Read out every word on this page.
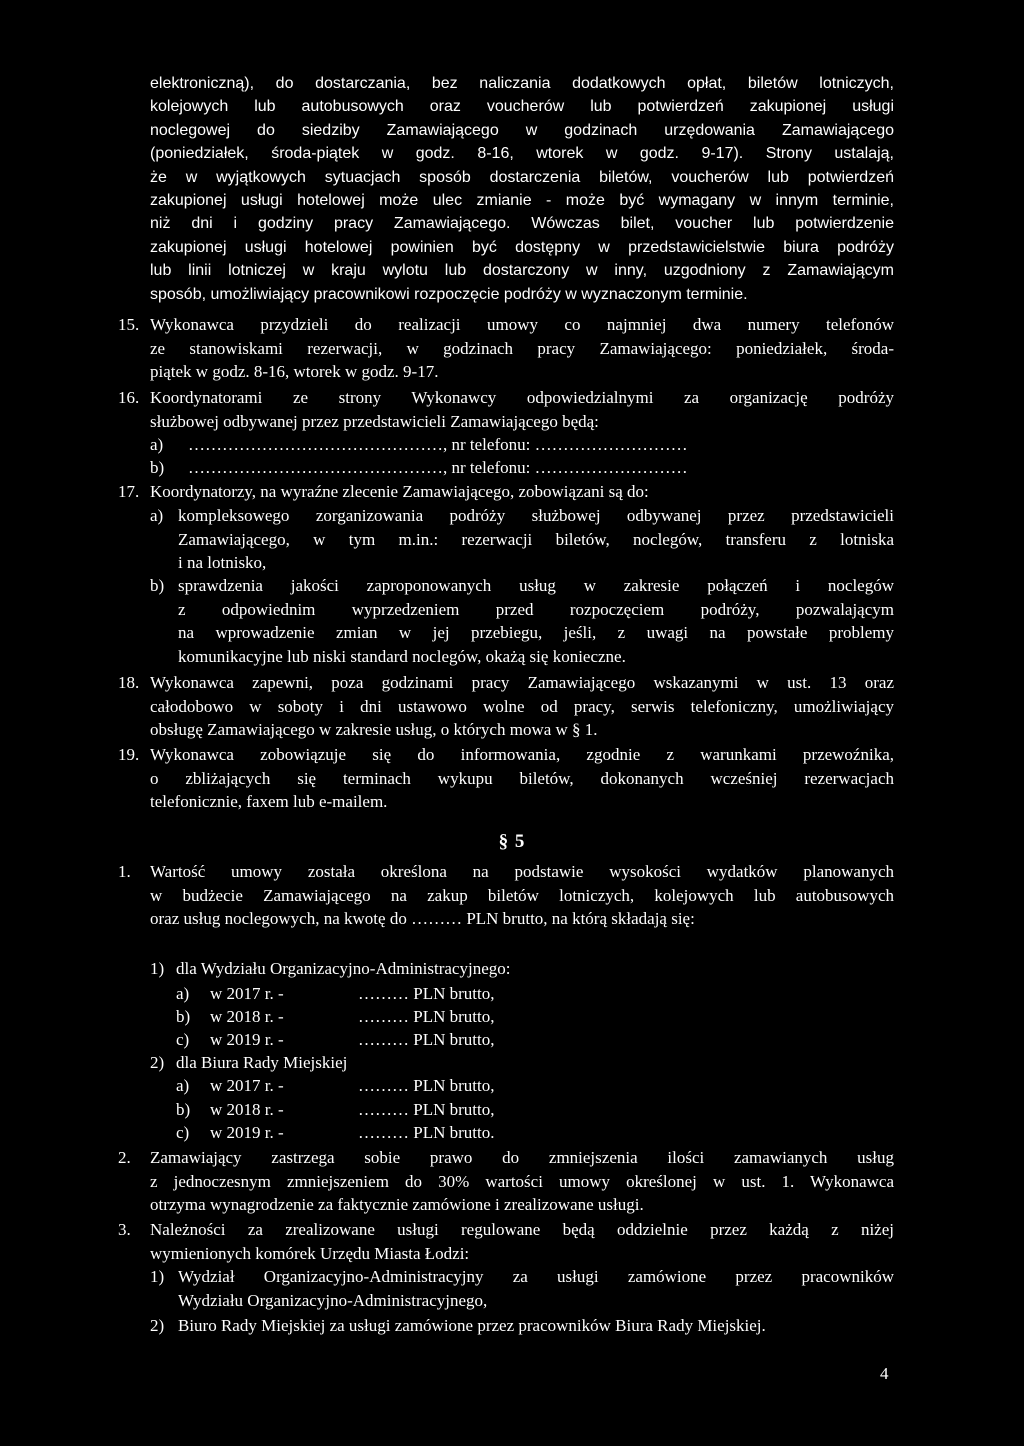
elektroniczną), do dostarczania, bez naliczania dodatkowych opłat, biletów lotniczych,
kolejowych lub autobusowych oraz voucherów lub potwierdzeń zakupionej usługi
noclegowej do siedziby Zamawiającego w godzinach urzędowania Zamawiającego
(poniedziałek, środa-piątek w godz. 8-16, wtorek w godz. 9-17). Strony ustalają,
że w wyjątkowych sytuacjach sposób dostarczenia biletów, voucherów lub potwierdzeń
zakupionej usługi hotelowej może ulec zmianie - może być wymagany w innym terminie,
niż dni i godziny pracy Zamawiającego. Wówczas bilet, voucher lub potwierdzenie
zakupionej usługi hotelowej powinien być dostępny w przedstawicielstwie biura podróży
lub linii lotniczej w kraju wylotu lub dostarczony w inny, uzgodniony z Zamawiającym
sposób, umożliwiający pracownikowi rozpoczęcie podróży w wyznaczonym terminie.
15. Wykonawca przydzieli do realizacji umowy co najmniej dwa numery telefonów
ze stanowiskami rezerwacji, w godzinach pracy Zamawiającego: poniedziałek, środa-
piątek w godz. 8-16, wtorek w godz. 9-17.
16. Koordynatorami ze strony Wykonawcy odpowiedzialnymi za organizację podróży
służbowej odbywanej przez przedstawicieli Zamawiającego będą:
a) ………………………………………, nr telefonu: ………………………
b) ………………………………………, nr telefonu: ………………………
17. Koordynatorzy, na wyraźne zlecenie Zamawiającego, zobowiązani są do:
a) kompleksowego zorganizowania podróży służbowej odbywanej przez przedstawicieli
Zamawiającego, w tym m.in.: rezerwacji biletów, noclegów, transferu z lotniska
i na lotnisko,
b) sprawdzenia jakości zaproponowanych usług w zakresie połączeń i noclegów
z odpowiednim wyprzedzeniem przed rozpoczęciem podróży, pozwalającym
na wprowadzenie zmian w jej przebiegu, jeśli, z uwagi na powstałe problemy
komunikacyjne lub niski standard noclegów, okażą się konieczne.
18. Wykonawca zapewni, poza godzinami pracy Zamawiającego wskazanymi w ust. 13 oraz
całodobowo w soboty i dni ustawowo wolne od pracy, serwis telefoniczny, umożliwiający
obsługę Zamawiającego w zakresie usług, o których mowa w § 1.
19. Wykonawca zobowiązuje się do informowania, zgodnie z warunkami przewoźnika,
o zbliżających się terminach wykupu biletów, dokonanych wcześniej rezerwacjach
telefonicznie, faxem lub e-mailem.
§ 5
1. Wartość umowy została określona na podstawie wysokości wydatków planowanych
w budżecie Zamawiającego na zakup biletów lotniczych, kolejowych lub autobusowych
oraz usług noclegowych, na kwotę do ……… PLN brutto, na którą składają się:
1) dla Wydziału Organizacyjno-Administracyjnego:
a) w 2017 r. -	……… PLN brutto,
b) w 2018 r. -	……… PLN brutto,
c) w 2019 r. -	……… PLN brutto,
2) dla Biura Rady Miejskiej
a) w 2017 r. -	……… PLN brutto,
b) w 2018 r. -	……… PLN brutto,
c) w 2019 r. -	……… PLN brutto.
2. Zamawiający zastrzega sobie prawo do zmniejszenia ilości zamawianych usług
z jednoczesnym zmniejszeniem do 30% wartości umowy określonej w ust. 1. Wykonawca
otrzyma wynagrodzenie za faktycznie zamówione i zrealizowane usługi.
3. Należności za zrealizowane usługi regulowane będą oddzielnie przez każdą z niżej
wymienionych komórek Urzędu Miasta Łodzi:
1) Wydział Organizacyjno-Administracyjny za usługi zamówione przez pracowników
Wydziału Organizacyjno-Administracyjnego,
2) Biuro Rady Miejskiej za usługi zamówione przez pracowników Biura Rady Miejskiej.
4
